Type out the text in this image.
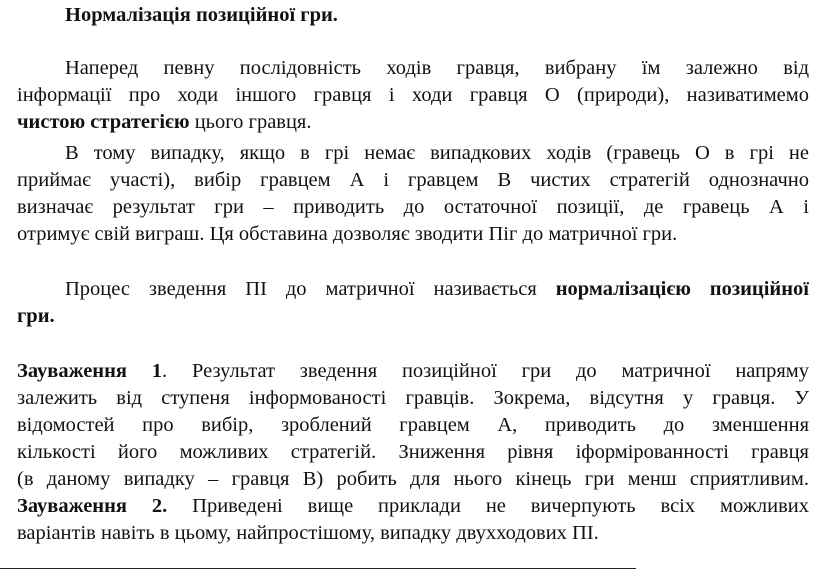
Нормалізація позиційної гри.
Наперед певну послідовність ходів гравця, вибрану їм залежно від
інформації про ходи іншого гравця і ходи гравця О (природи), називатимемо
чистою стратегією цього гравця.
В тому випадку, якщо в грі немає випадкових ходів (гравець О в грі не
приймає участі), вибір гравцем А і гравцем В чистих стратегій однозначно
визначає результат гри – приводить до остаточної позиції, де гравець А і
отримує свій виграш. Ця обставина дозволяє зводити Піг до матричної гри.
Процес зведення ПІ до матричної називається нормалізацією позиційної
гри.
Зауваження 1. Результат зведення позиційної гри до матричної напряму
залежить від ступеня інформованості гравців. Зокрема, відсутня у гравця. У
відомостей про вибір, зроблений гравцем А, приводить до зменшення
кількості його можливих стратегій. Зниження рівня іформірованності гравця
(в даному випадку – гравця В) робить для нього кінець гри менш сприятливим.
Зауваження 2. Приведені вище приклади не вичерпують всіх можливих
варіантів навіть в цьому, найпростішому, випадку двухходових ПІ.
